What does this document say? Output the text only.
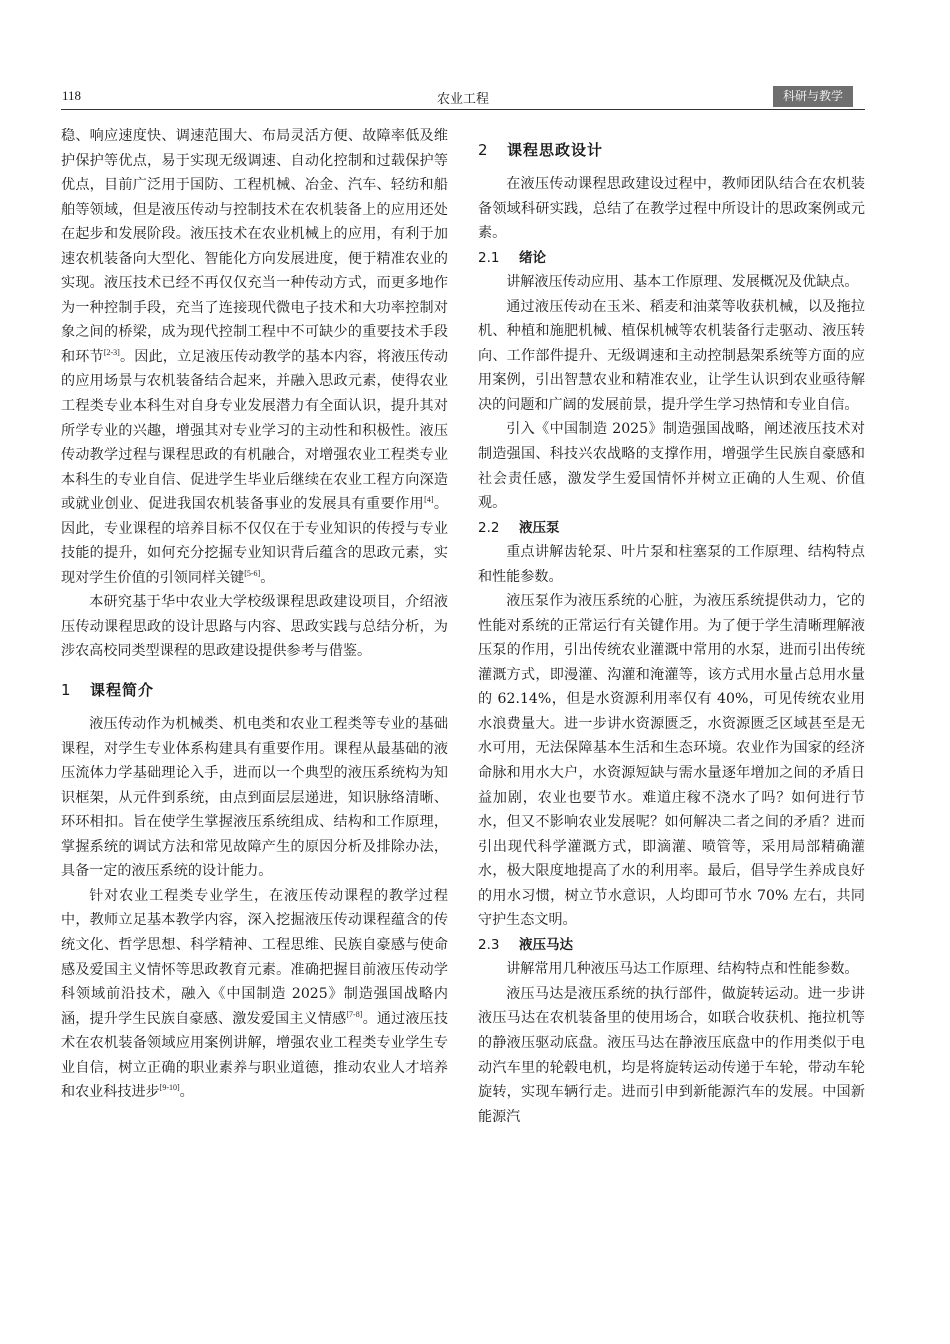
118	农业工程	科研与教学

稳、响应速度快、调速范围大、布局灵活方便、故障率低及维护保护等优点，易于实现无级调速、自动化控制和过载保护等优点，目前广泛用于国防、工程机械、冶金、汽车、轻纺和船舶等领域，但是液压传动与控制技术在农机装备上的应用还处在起步和发展阶段。液压技术在农业机械上的应用，有利于加速农机装备向大型化、智能化方向发展进度，便于精准农业的实现。液压技术已经不再仅仅充当一种传动方式，而更多地作为一种控制手段，充当了连接现代微电子技术和大功率控制对象之间的桥梁，成为现代控制工程中不可缺少的重要技术手段和环节[2-3]。因此，立足液压传动教学的基本内容，将液压传动的应用场景与农机装备结合起来，并融入思政元素，使得农业工程类专业本科生对自身专业发展潜力有全面认识，提升其对所学专业的兴趣，增强其对专业学习的主动性和积极性。液压传动教学过程与课程思政的有机融合，对增强农业工程类专业本科生的专业自信、促进学生毕业后继续在农业工程方向深造或就业创业、促进我国农机装备事业的发展具有重要作用[4]。因此，专业课程的培养目标不仅仅在于专业知识的传授与专业技能的提升，如何充分挖掘专业知识背后蕴含的思政元素，实现对学生价值的引领同样关键[5-6]。

本研究基于华中农业大学校级课程思政建设项目，介绍液压传动课程思政的设计思路与内容、思政实践与总结分析，为涉农高校同类型课程的思政建设提供参考与借鉴。

1 课程简介

液压传动作为机械类、机电类和农业工程类等专业的基础课程，对学生专业体系构建具有重要作用。课程从最基础的液压流体力学基础理论入手，进而以一个典型的液压系统构为知识框架，从元件到系统，由点到面层层递进，知识脉络清晰、环环相扣。旨在使学生掌握液压系统组成、结构和工作原理，掌握系统的调试方法和常见故障产生的原因分析及排除办法，具备一定的液压系统的设计能力。

针对农业工程类专业学生，在液压传动课程的教学过程中，教师立足基本教学内容，深入挖掘液压传动课程蕴含的传统文化、哲学思想、科学精神、工程思维、民族自豪感与使命感及爱国主义情怀等思政教育元素。准确把握目前液压传动学科领域前沿技术，融入《中国制造 2025》制造强国战略内涵，提升学生民族自豪感、激发爱国主义情感[7-8]。通过液压技术在农机装备领域应用案例讲解，增强农业工程类专业学生专业自信，树立正确的职业素养与职业道德，推动农业人才培养和农业科技进步[9-10]。

2 课程思政设计

在液压传动课程思政建设过程中，教师团队结合在农机装备领域科研实践，总结了在教学过程中所设计的思政案例或元素。

2.1 绪论

讲解液压传动应用、基本工作原理、发展概况及优缺点。

通过液压传动在玉米、稻麦和油菜等收获机械，以及拖拉机、种植和施肥机械、植保机械等农机装备行走驱动、液压转向、工作部件提升、无级调速和主动控制悬架系统等方面的应用案例，引出智慧农业和精准农业，让学生认识到农业亟待解决的问题和广阔的发展前景，提升学生学习热情和专业自信。

引入《中国制造 2025》制造强国战略，阐述液压技术对制造强国、科技兴农战略的支撑作用，增强学生民族自豪感和社会责任感，激发学生爱国情怀并树立正确的人生观、价值观。

2.2 液压泵

重点讲解齿轮泵、叶片泵和柱塞泵的工作原理、结构特点和性能参数。

液压泵作为液压系统的心脏，为液压系统提供动力，它的性能对系统的正常运行有关键作用。为了便于学生清晰理解液压泵的作用，引出传统农业灌溉中常用的水泵，进而引出传统灌溉方式，即漫灌、沟灌和淹灌等，该方式用水量占总用水量的 62.14%，但是水资源利用率仅有 40%，可见传统农业用水浪费量大。进一步讲水资源匮乏，水资源匮乏区域甚至是无水可用，无法保障基本生活和生态环境。农业作为国家的经济命脉和用水大户，水资源短缺与需水量逐年增加之间的矛盾日益加剧，农业也要节水。难道庄稼不浇水了吗？如何进行节水，但又不影响农业发展呢？如何解决二者之间的矛盾？进而引出现代科学灌溉方式，即滴灌、喷管等，采用局部精确灌水，极大限度地提高了水的利用率。最后，倡导学生养成良好的用水习惯，树立节水意识，人均即可节水 70% 左右，共同守护生态文明。

2.3 液压马达

讲解常用几种液压马达工作原理、结构特点和性能参数。

液压马达是液压系统的执行部件，做旋转运动。进一步讲液压马达在农机装备里的使用场合，如联合收获机、拖拉机等的静液压驱动底盘。液压马达在静液压底盘中的作用类似于电动汽车里的轮毂电机，均是将旋转运动传递于车轮，带动车轮旋转，实现车辆行走。进而引申到新能源汽车的发展。中国新能源汽
